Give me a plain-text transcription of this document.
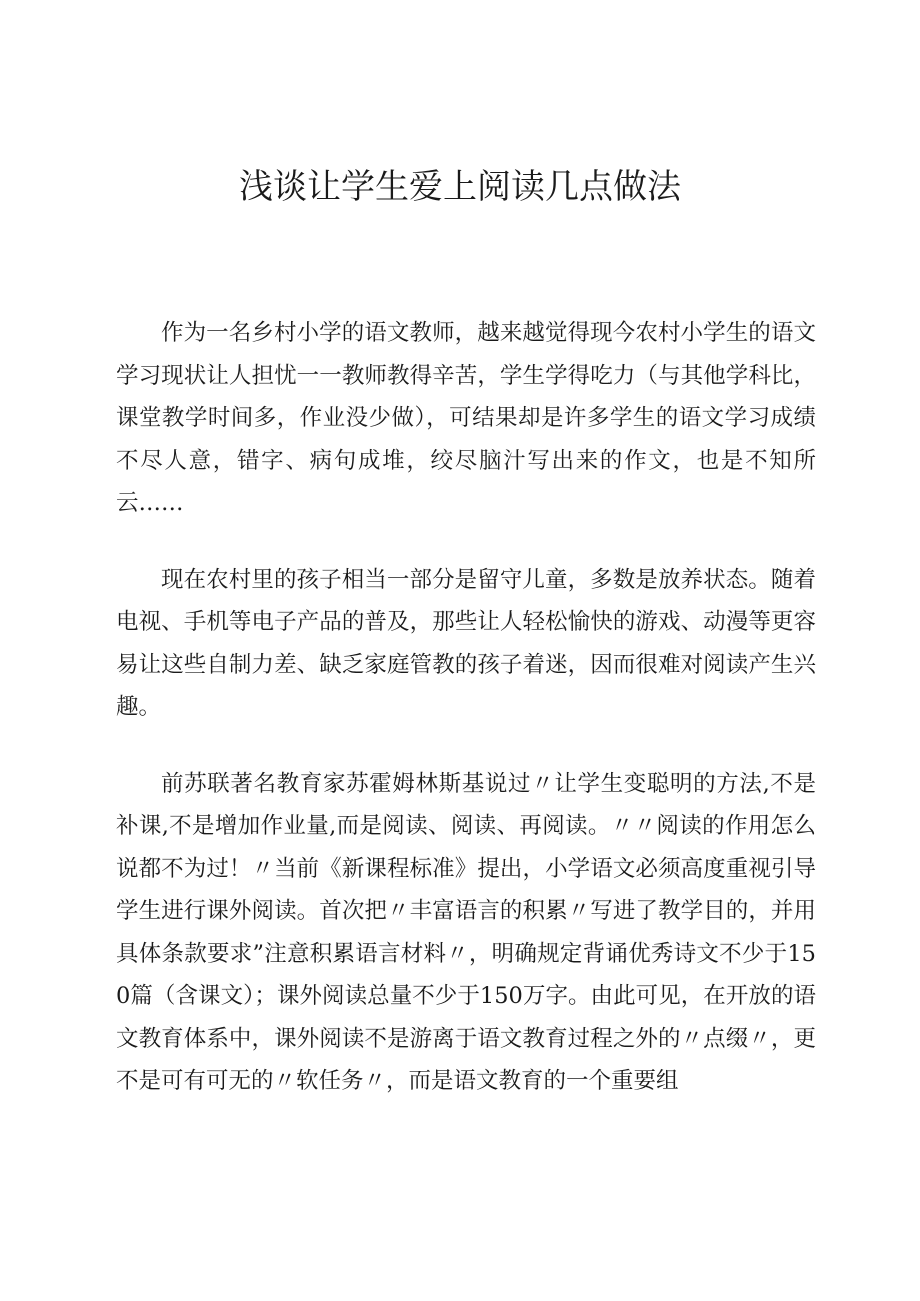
浅谈让学生爱上阅读几点做法

作为一名乡村小学的语文教师，越来越觉得现今农村小学生的语文学习现状让人担忧一一教师教得辛苦，学生学得吃力（与其他学科比，课堂教学时间多，作业没少做），可结果却是许多学生的语文学习成绩不尽人意，错字、病句成堆，绞尽脑汁写出来的作文，也是不知所云……

现在农村里的孩子相当一部分是留守儿童，多数是放养状态。随着电视、手机等电子产品的普及，那些让人轻松愉快的游戏、动漫等更容易让这些自制力差、缺乏家庭管教的孩子着迷，因而很难对阅读产生兴趣。

前苏联著名教育家苏霍姆林斯基说过〃让学生变聪明的方法,不是补课,不是增加作业量,而是阅读、阅读、再阅读。〃〃阅读的作用怎么说都不为过！〃当前《新课程标准》提出，小学语文必须高度重视引导学生进行课外阅读。首次把〃丰富语言的积累〃写进了教学目的，并用具体条款要求”注意积累语言材料〃，明确规定背诵优秀诗文不少于150篇（含课文）；课外阅读总量不少于150万字。由此可见，在开放的语文教育体系中，课外阅读不是游离于语文教育过程之外的〃点缀〃，更不是可有可无的〃软任务〃，而是语文教育的一个重要组
